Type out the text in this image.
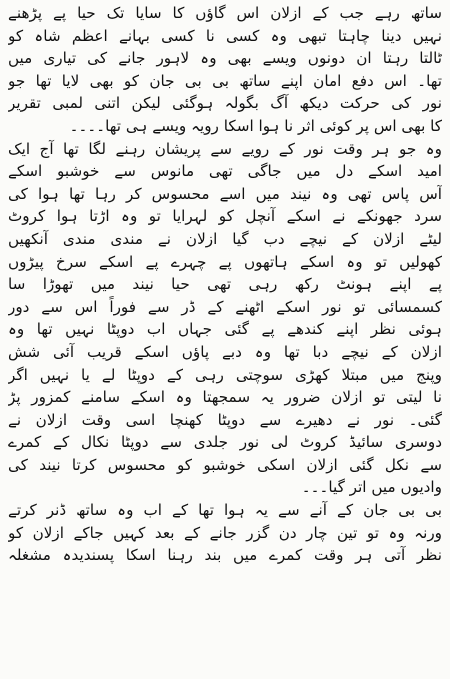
ساتھ رہے جب کے ازلان اس گاؤں کا سایا تک حیا پے پڑھنے
نہیں دینا چاہتا تبھی وہ کسی نا کسی بہانے اعظم شاہ کو
ٹالتا رہتا ان دونوں ویسے بھی وہ لاہور جانے کی تیاری میں
تھا۔ اس دفع امان اپنے ساتھ بی بی جان کو بھی لایا تھا جو
نور کی حرکت دیکھ آگ بگولہ ہوگئی لیکن اتنی لمبی تقریر
کا بھی اس پر کوئی اثر نا ہوا اسکا رویہ ویسے ہی تھا۔۔۔۔
وہ جو ہر وقت نور کے رویے سے پریشان رہنے لگا تھا آج ایک
امید اسکے دل میں جاگی تھی مانوس سے خوشبو اسکے
آس پاس تھی وہ نیند میں اسے محسوس کر رہا تھا ہوا کی
سرد جھونکے نے اسکے آنچل کو لہرایا تو وہ اڑتا ہوا کروٹ
لیٹے ازلان کے نیچے دب گیا ازلان نے مندی مندی آنکھیں
کھولیں تو وہ اسکے ہاتھوں پے چہرے پے اسکے سرخ پیڑوں
پے اپنے ہونٹ رکھ رہی تھی حیا نیند میں تھوڑا سا
کسمسائی تو نور اسکے اٹھنے کے ڈر سے فوراً اس سے دور
ہوئی نظر اپنے کندھے پے گئی جہاں اب دوپٹا نہیں تھا وہ
ازلان کے نیچے دبا تھا وہ دبے پاؤں اسکے قریب آئی شش
وپنج میں مبتلا کھڑی سوچتی رہی کے دوپٹا لے یا نہیں اگر
نا لیتی تو ازلان ضرور یہ سمجھتا وہ اسکے سامنے کمزور پڑ
گئی۔ نور نے دھیرے سے دوپٹا کھنچا اسی وقت ازلان نے
دوسری سائیڈ کروٹ لی نور جلدی سے دوپٹا نکال کے کمرے
سے نکل گئی ازلان اسکی خوشبو کو محسوس کرتا نیند کی
وادیوں میں اتر گیا۔۔۔
بی بی جان کے آنے سے یہ ہوا تھا کے اب وہ ساتھ ڈنر کرتے
ورنہ وہ تو تین چار دن گزر جانے کے بعد کہیں جاکے ازلان کو
نظر آتی ہر وقت کمرے میں بند رہنا اسکا پسندیدہ مشغلہ
